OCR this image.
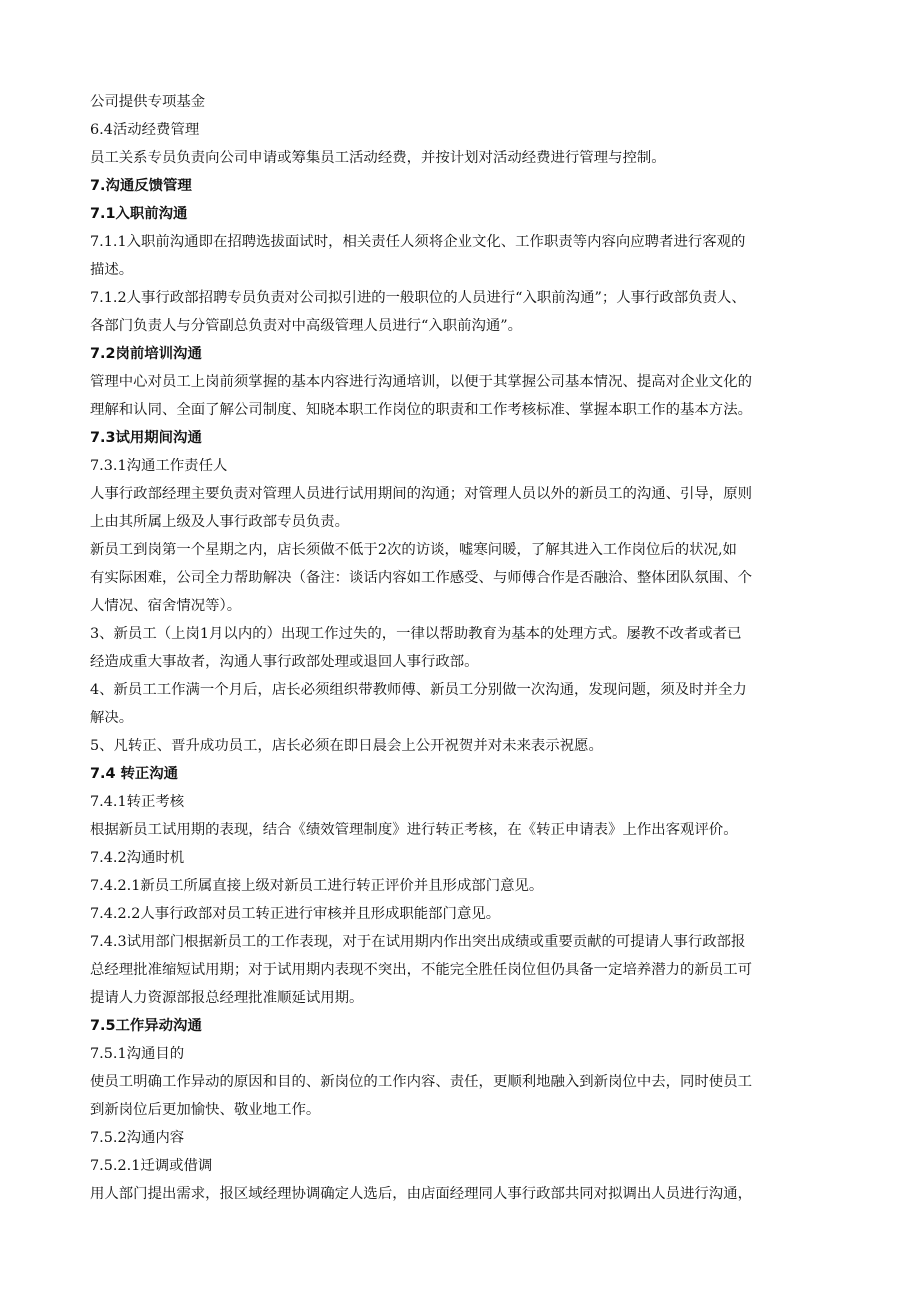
公司提供专项基金

6.4活动经费管理

员工关系专员负责向公司申请或筹集员工活动经费，并按计划对活动经费进行管理与控制。

7.沟通反馈管理

7.1入职前沟通

7.1.1入职前沟通即在招聘选拔面试时，相关责任人须将企业文化、工作职责等内容向应聘者进行客观的

描述。

7.1.2人事行政部招聘专员负责对公司拟引进的一般职位的人员进行“入职前沟通”；人事行政部负责人、

各部门负责人与分管副总负责对中高级管理人员进行“入职前沟通”。

7.2岗前培训沟通

管理中心对员工上岗前须掌握的基本内容进行沟通培训，以便于其掌握公司基本情况、提高对企业文化的

理解和认同、全面了解公司制度、知晓本职工作岗位的职责和工作考核标准、掌握本职工作的基本方法。

7.3试用期间沟通

7.3.1沟通工作责任人

人事行政部经理主要负责对管理人员进行试用期间的沟通；对管理人员以外的新员工的沟通、引导，原则

上由其所属上级及人事行政部专员负责。

新员工到岗第一个星期之内，店长须做不低于2次的访谈，嘘寒问暖，了解其进入工作岗位后的状况,如

有实际困难，公司全力帮助解决（备注：谈话内容如工作感受、与师傅合作是否融洽、整体团队氛围、个

人情况、宿舍情况等）。

3、新员工（上岗1月以内的）出现工作过失的，一律以帮助教育为基本的处理方式。屡教不改者或者已

经造成重大事故者，沟通人事行政部处理或退回人事行政部。

4、新员工工作满一个月后，店长必须组织带教师傅、新员工分别做一次沟通，发现问题，须及时并全力

解决。

5、凡转正、晋升成功员工，店长必须在即日晨会上公开祝贺并对未来表示祝愿。

7.4 转正沟通

7.4.1转正考核

根据新员工试用期的表现，结合《绩效管理制度》进行转正考核，在《转正申请表》上作出客观评价。

7.4.2沟通时机

7.4.2.1新员工所属直接上级对新员工进行转正评价并且形成部门意见。

7.4.2.2人事行政部对员工转正进行审核并且形成职能部门意见。

7.4.3试用部门根据新员工的工作表现，对于在试用期内作出突出成绩或重要贡献的可提请人事行政部报

总经理批准缩短试用期；对于试用期内表现不突出，不能完全胜任岗位但仍具备一定培养潜力的新员工可

提请人力资源部报总经理批准顺延试用期。

7.5工作异动沟通

7.5.1沟通目的

使员工明确工作异动的原因和目的、新岗位的工作内容、责任，更顺利地融入到新岗位中去，同时使员工

到新岗位后更加愉快、敬业地工作。

7.5.2沟通内容

7.5.2.1迁调或借调

用人部门提出需求，报区域经理协调确定人选后，由店面经理同人事行政部共同对拟调出人员进行沟通，
